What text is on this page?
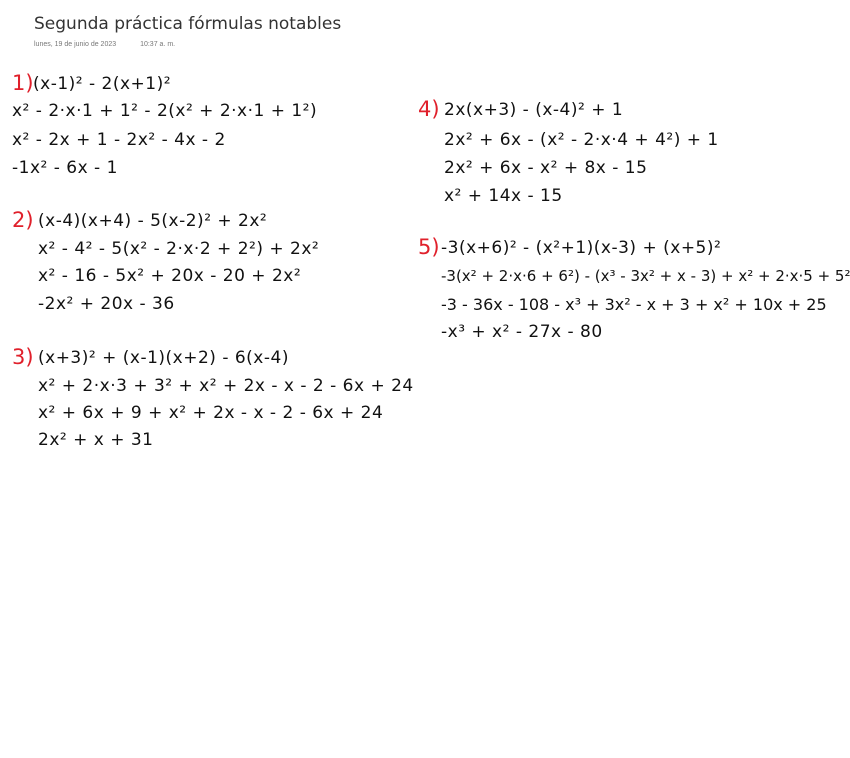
Segunda práctica fórmulas notables
lunes, 19 de junio de 2023	10:37 a. m.
1) (x-1)² - 2(x+1)²
x² - 2·x·1 + 1² - 2(x² + 2·x·1 + 1²)
x² - 2x + 1 - 2x² - 4x - 2
-1x² - 6x - 1
2) (x-4)(x+4) - 5(x-2)² + 2x²
x² - 4² - 5(x² - 2·x·2 + 2²) + 2x²
x² - 16 - 5x² + 20x - 20 + 2x²
-2x² + 20x - 36
3) (x+3)² + (x-1)(x+2) - 6(x-4)
x² + 2·x·3 + 3² + x² + 2x - x - 2 - 6x + 24
x² + 6x + 9 + x² + 2x - x - 2 - 6x + 24
2x² + x + 31
4) 2x(x+3) - (x-4)² + 1
2x² + 6x - (x² - 2·x·4 + 4²) + 1
2x² + 6x - x² + 8x - 15
x² + 14x - 15
5) -3(x+6)² - (x²+1)(x-3) + (x+5)²
-3(x² + 2·x·6 + 6²) - (x³ - 3x² + x - 3) + x² + 2·x·5 + 5²
-3 - 36x - 108 - x³ + 3x² - x + 3 + x² + 10x + 25
-x³ + x² - 27x - 80
